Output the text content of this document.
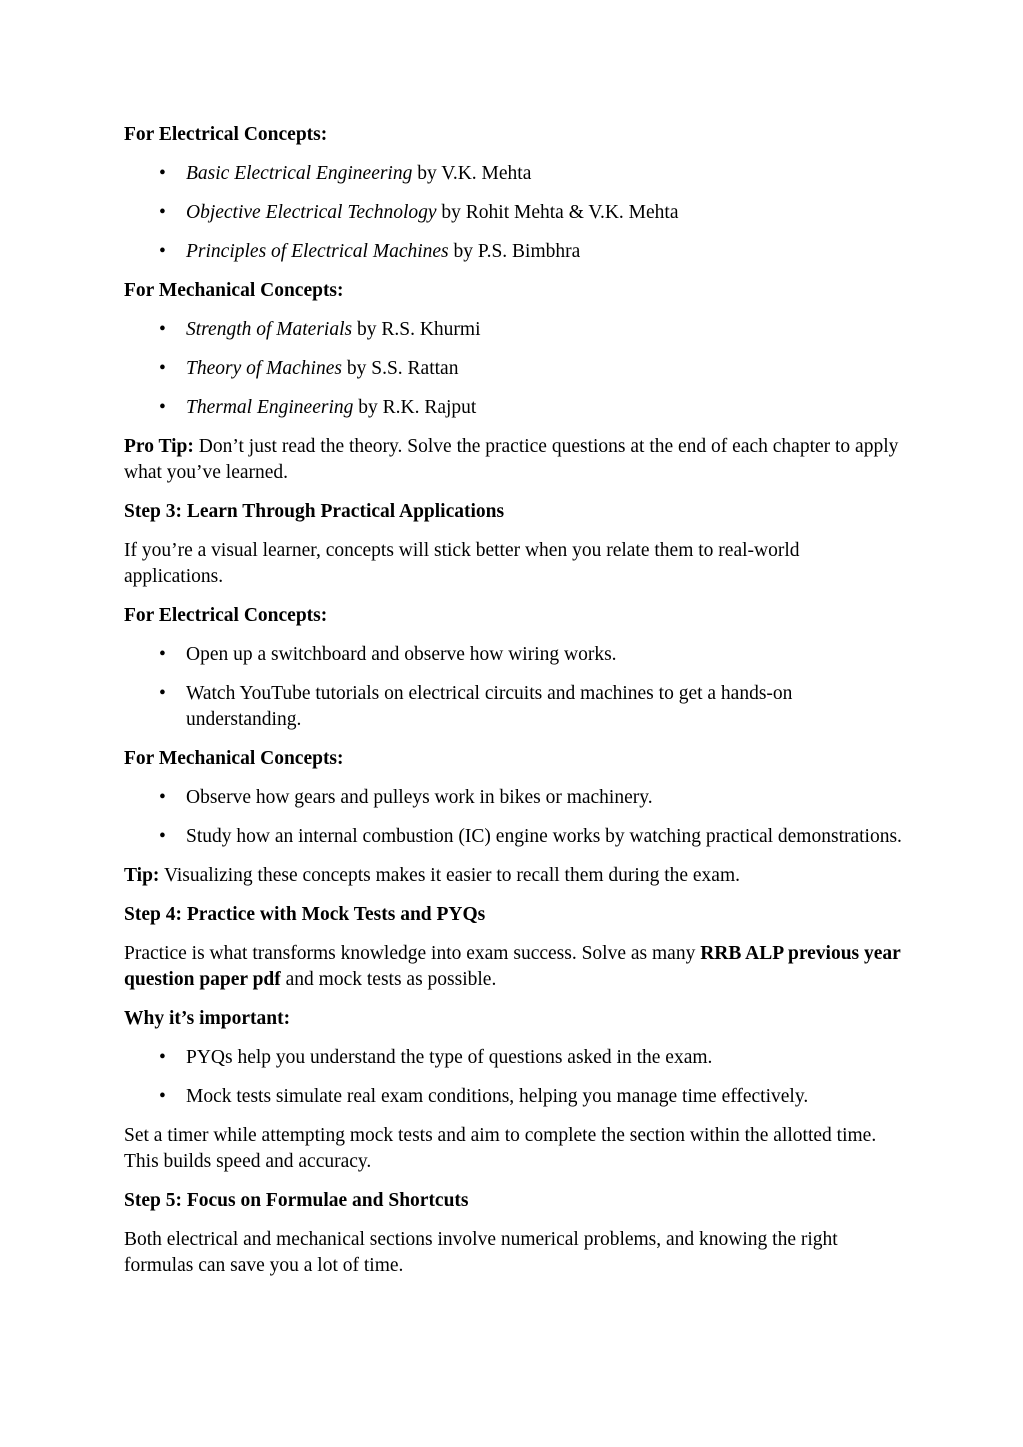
For Electrical Concepts:
• Basic Electrical Engineering by V.K. Mehta
• Objective Electrical Technology by Rohit Mehta & V.K. Mehta
• Principles of Electrical Machines by P.S. Bimbhra
For Mechanical Concepts:
• Strength of Materials by R.S. Khurmi
• Theory of Machines by S.S. Rattan
• Thermal Engineering by R.K. Rajput

Pro Tip: Don’t just read the theory. Solve the practice questions at the end of each chapter to apply what you’ve learned.

Step 3: Learn Through Practical Applications

If you’re a visual learner, concepts will stick better when you relate them to real-world applications.

For Electrical Concepts:
• Open up a switchboard and observe how wiring works.
• Watch YouTube tutorials on electrical circuits and machines to get a hands-on understanding.
For Mechanical Concepts:
• Observe how gears and pulleys work in bikes or machinery.
• Study how an internal combustion (IC) engine works by watching practical demonstrations.

Tip: Visualizing these concepts makes it easier to recall them during the exam.

Step 4: Practice with Mock Tests and PYQs

Practice is what transforms knowledge into exam success. Solve as many RRB ALP previous year question paper pdf and mock tests as possible.

Why it’s important:
• PYQs help you understand the type of questions asked in the exam.
• Mock tests simulate real exam conditions, helping you manage time effectively.

Set a timer while attempting mock tests and aim to complete the section within the allotted time. This builds speed and accuracy.

Step 5: Focus on Formulae and Shortcuts

Both electrical and mechanical sections involve numerical problems, and knowing the right formulas can save you a lot of time.
